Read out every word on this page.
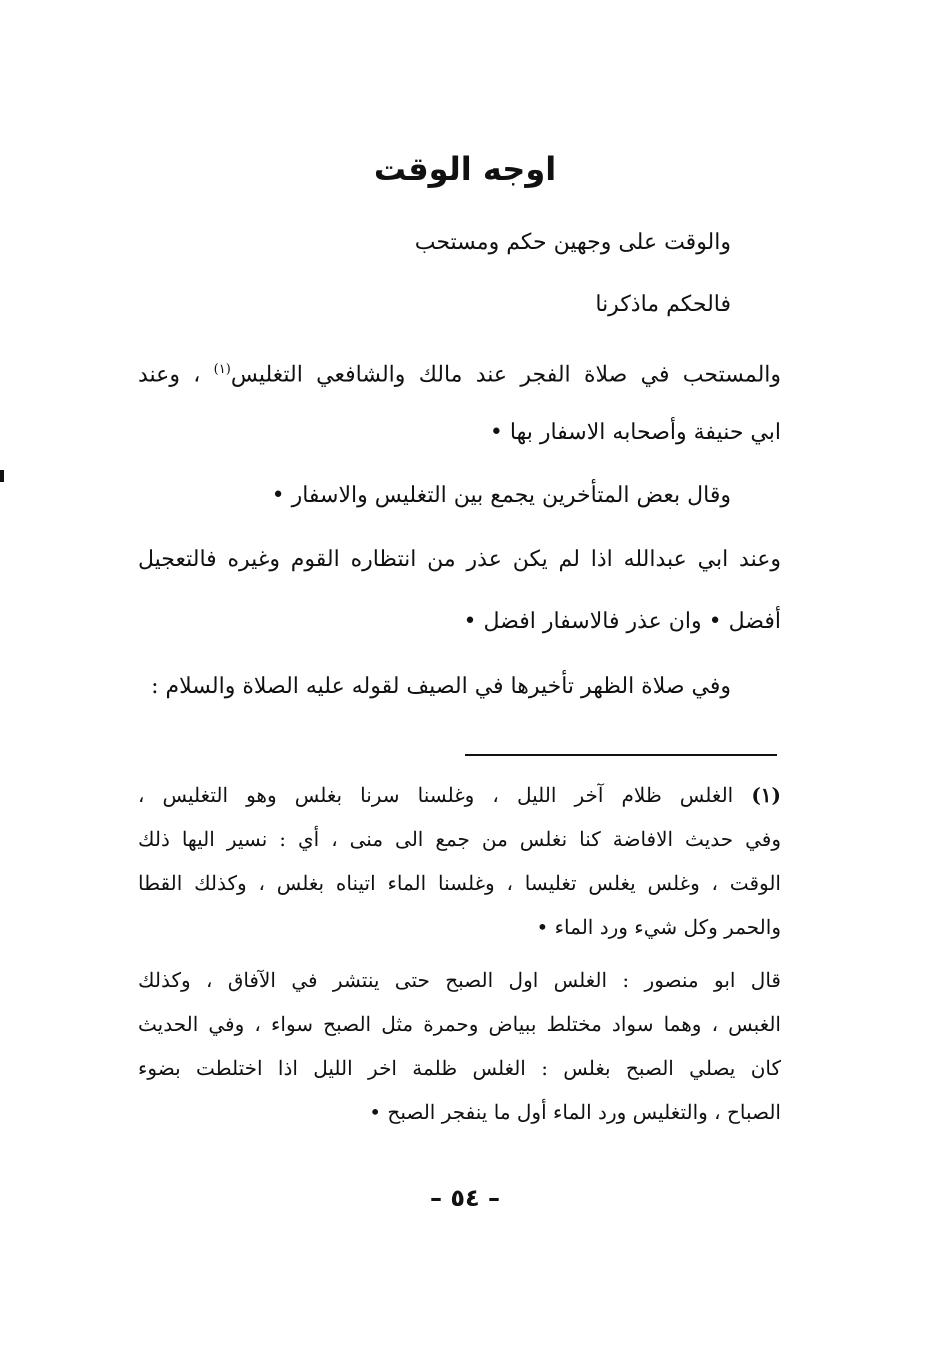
اوجه الوقت
والوقت على وجهين حكم ومستحب
فالحكم ماذكرنا
والمستحب في صلاة الفجر عند مالك والشافعي التغليس$^{(١)}$ ، وعند
ابي حنيفة وأصحابه الاسفار بها •
وقال بعض المتأخرين يجمع بين التغليس والاسفار •
وعند ابي عبدالله اذا لم يكن عذر من انتظاره القوم وغيره فالتعجيل
أفضل • وان عذر فالاسفار افضل •
وفي صلاة الظهر تأخيرها في الصيف لقوله عليه الصلاة والسلام :
(١) الغلس ظلام آخر الليل ، وغلسنا سرنا بغلس وهو التغليس ،
وفي حديث الافاضة كنا نغلس من جمع الى منى ، أي : نسير اليها ذلك
الوقت ، وغلس يغلس تغليسا ، وغلسنا الماء اتيناه بغلس ، وكذلك القطا
والحمر وكل شيء ورد الماء •
قال ابو منصور : الغلس اول الصبح حتى ينتشر في الآفاق ، وكذلك
الغبس ، وهما سواد مختلط ببياض وحمرة مثل الصبح سواء ، وفي الحديث
كان يصلي الصبح بغلس : الغلس ظلمة اخر الليل اذا اختلطت بضوء
الصباح ، والتغليس ورد الماء أول ما ينفجر الصبح •
– ٥٤ –
